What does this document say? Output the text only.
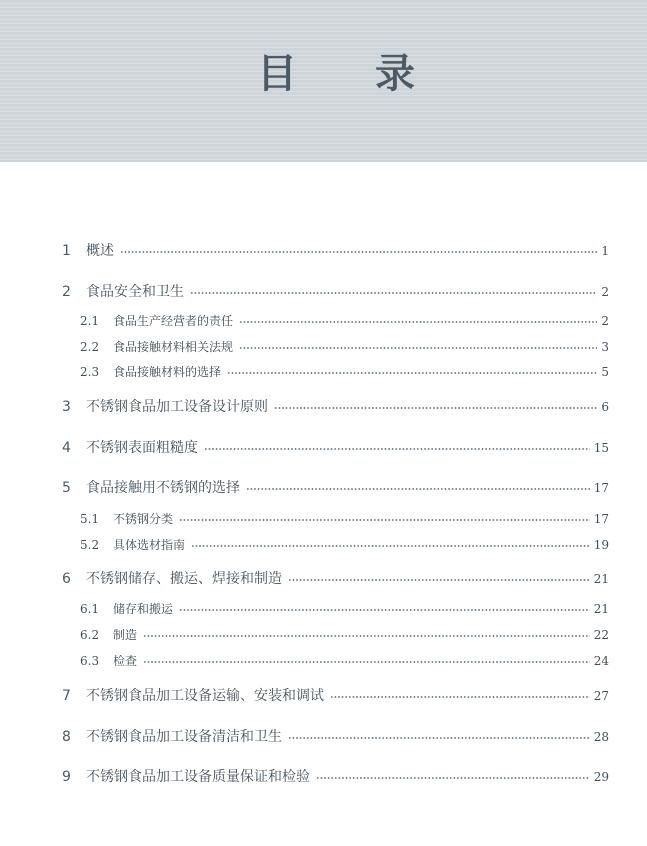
目 录
1 概述	1
2 食品安全和卫生	2
2.1 食品生产经营者的责任	2
2.2 食品接触材料相关法规	3
2.3 食品接触材料的选择	5
3 不锈钢食品加工设备设计原则	6
4 不锈钢表面粗糙度	15
5 食品接触用不锈钢的选择	17
5.1 不锈钢分类	17
5.2 具体选材指南	19
6 不锈钢储存、搬运、焊接和制造	21
6.1 储存和搬运	21
6.2 制造	22
6.3 检查	24
7 不锈钢食品加工设备运输、安装和调试	27
8 不锈钢食品加工设备清洁和卫生	28
9 不锈钢食品加工设备质量保证和检验	29
